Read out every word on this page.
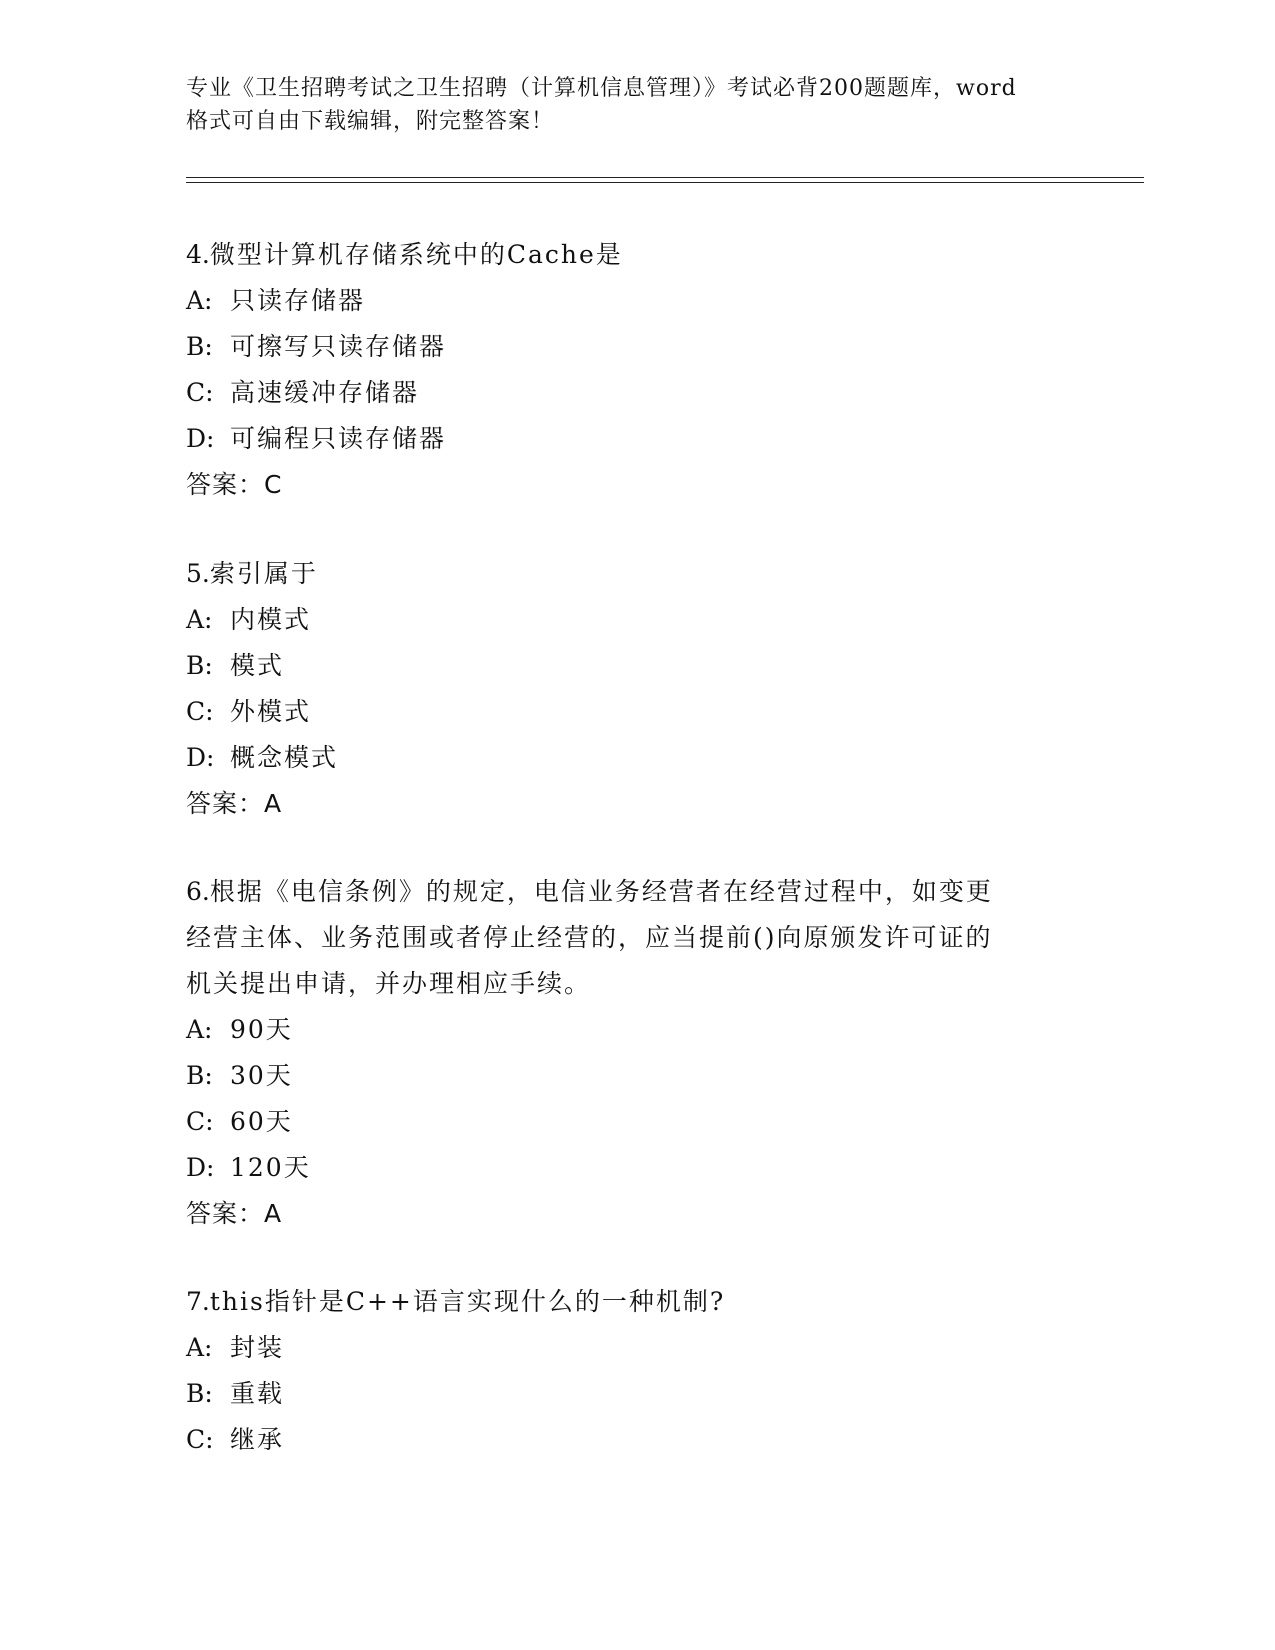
专业《卫生招聘考试之卫生招聘（计算机信息管理）》考试必背200题题库，word
格式可自由下载编辑，附完整答案！
4.微型计算机存储系统中的Cache是
A: 只读存储器
B: 可擦写只读存储器
C: 高速缓冲存储器
D: 可编程只读存储器
答案：C
5.索引属于
A: 内模式
B: 模式
C: 外模式
D: 概念模式
答案：A
6.根据《电信条例》的规定，电信业务经营者在经营过程中，如变更
经营主体、业务范围或者停止经营的，应当提前()向原颁发许可证的
机关提出申请，并办理相应手续。
A: 90天
B: 30天
C: 60天
D: 120天
答案：A
7.this指针是C++语言实现什么的一种机制?
A: 封装
B: 重载
C: 继承
